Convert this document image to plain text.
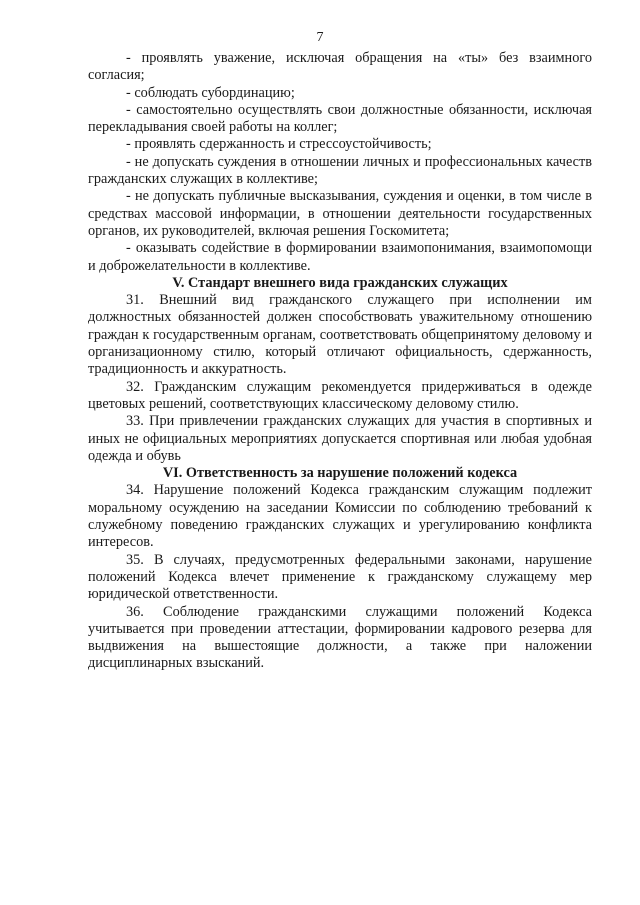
7

- проявлять уважение, исключая обращения на «ты» без взаимного согласия;

- соблюдать субординацию;

- самостоятельно осуществлять свои должностные обязанности, исключая перекладывания своей работы на коллег;

- проявлять сдержанность и стрессоустойчивость;

- не допускать суждения в отношении личных и профессиональных качеств гражданских служащих в коллективе;

- не допускать публичные высказывания, суждения и оценки, в том числе в средствах массовой информации, в отношении деятельности государственных органов, их руководителей, включая решения Госкомитета;

- оказывать содействие в формировании взаимопонимания, взаимопомощи и доброжелательности в коллективе.

V. Стандарт внешнего вида гражданских служащих

31. Внешний вид гражданского служащего при исполнении им должностных обязанностей должен способствовать уважительному отношению граждан к государственным органам, соответствовать общепринятому деловому и организационному стилю, который отличают официальность, сдержанность, традиционность и аккуратность.

32. Гражданским служащим рекомендуется придерживаться в одежде цветовых решений, соответствующих классическому деловому стилю.

33. При привлечении гражданских служащих для участия в спортивных и иных не официальных мероприятиях допускается спортивная или любая удобная одежда и обувь

VI. Ответственность за нарушение положений кодекса

34. Нарушение положений Кодекса гражданским служащим подлежит моральному осуждению на заседании Комиссии по соблюдению требований к служебному поведению гражданских служащих и урегулированию конфликта интересов.

35. В случаях, предусмотренных федеральными законами, нарушение положений Кодекса влечет применение к гражданскому служащему мер юридической ответственности.

36. Соблюдение гражданскими служащими положений Кодекса учитывается при проведении аттестации, формировании кадрового резерва для выдвижения на вышестоящие должности, а также при наложении дисциплинарных взысканий.
